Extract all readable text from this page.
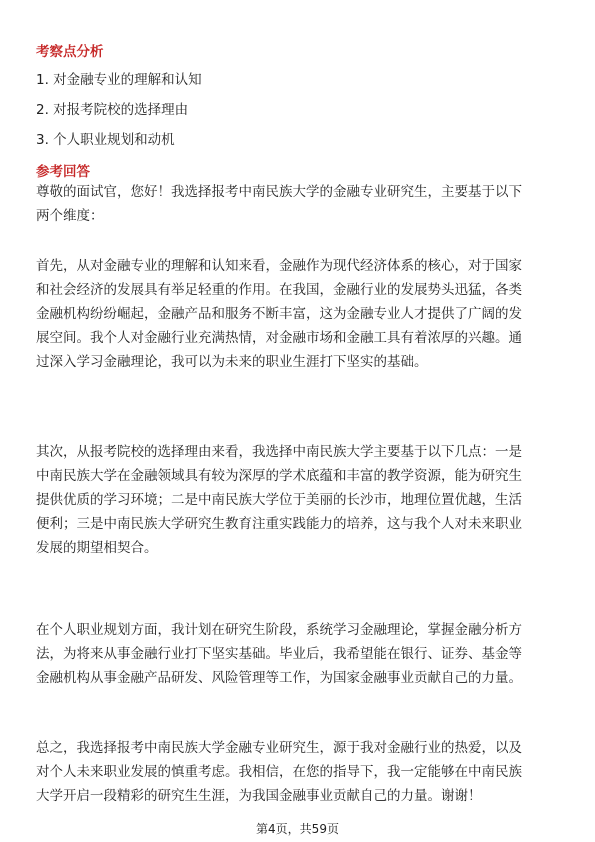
考察点分析
1. 对金融专业的理解和认知
2. 对报考院校的选择理由
3. 个人职业规划和动机
参考回答
尊敬的面试官，您好！我选择报考中南民族大学的金融专业研究生，主要基于以下
两个维度：
首先，从对金融专业的理解和认知来看，金融作为现代经济体系的核心，对于国家
和社会经济的发展具有举足轻重的作用。在我国，金融行业的发展势头迅猛，各类
金融机构纷纷崛起，金融产品和服务不断丰富，这为金融专业人才提供了广阔的发
展空间。我个人对金融行业充满热情，对金融市场和金融工具有着浓厚的兴趣。通
过深入学习金融理论，我可以为未来的职业生涯打下坚实的基础。
其次，从报考院校的选择理由来看，我选择中南民族大学主要基于以下几点：一是
中南民族大学在金融领域具有较为深厚的学术底蕴和丰富的教学资源，能为研究生
提供优质的学习环境；二是中南民族大学位于美丽的长沙市，地理位置优越，生活
便利；三是中南民族大学研究生教育注重实践能力的培养，这与我个人对未来职业
发展的期望相契合。
在个人职业规划方面，我计划在研究生阶段，系统学习金融理论，掌握金融分析方
法，为将来从事金融行业打下坚实基础。毕业后，我希望能在银行、证券、基金等
金融机构从事金融产品研发、风险管理等工作，为国家金融事业贡献自己的力量。
总之，我选择报考中南民族大学金融专业研究生，源于我对金融行业的热爱，以及
对个人未来职业发展的慎重考虑。我相信，在您的指导下，我一定能够在中南民族
大学开启一段精彩的研究生生涯，为我国金融事业贡献自己的力量。谢谢！
第4页，共59页
